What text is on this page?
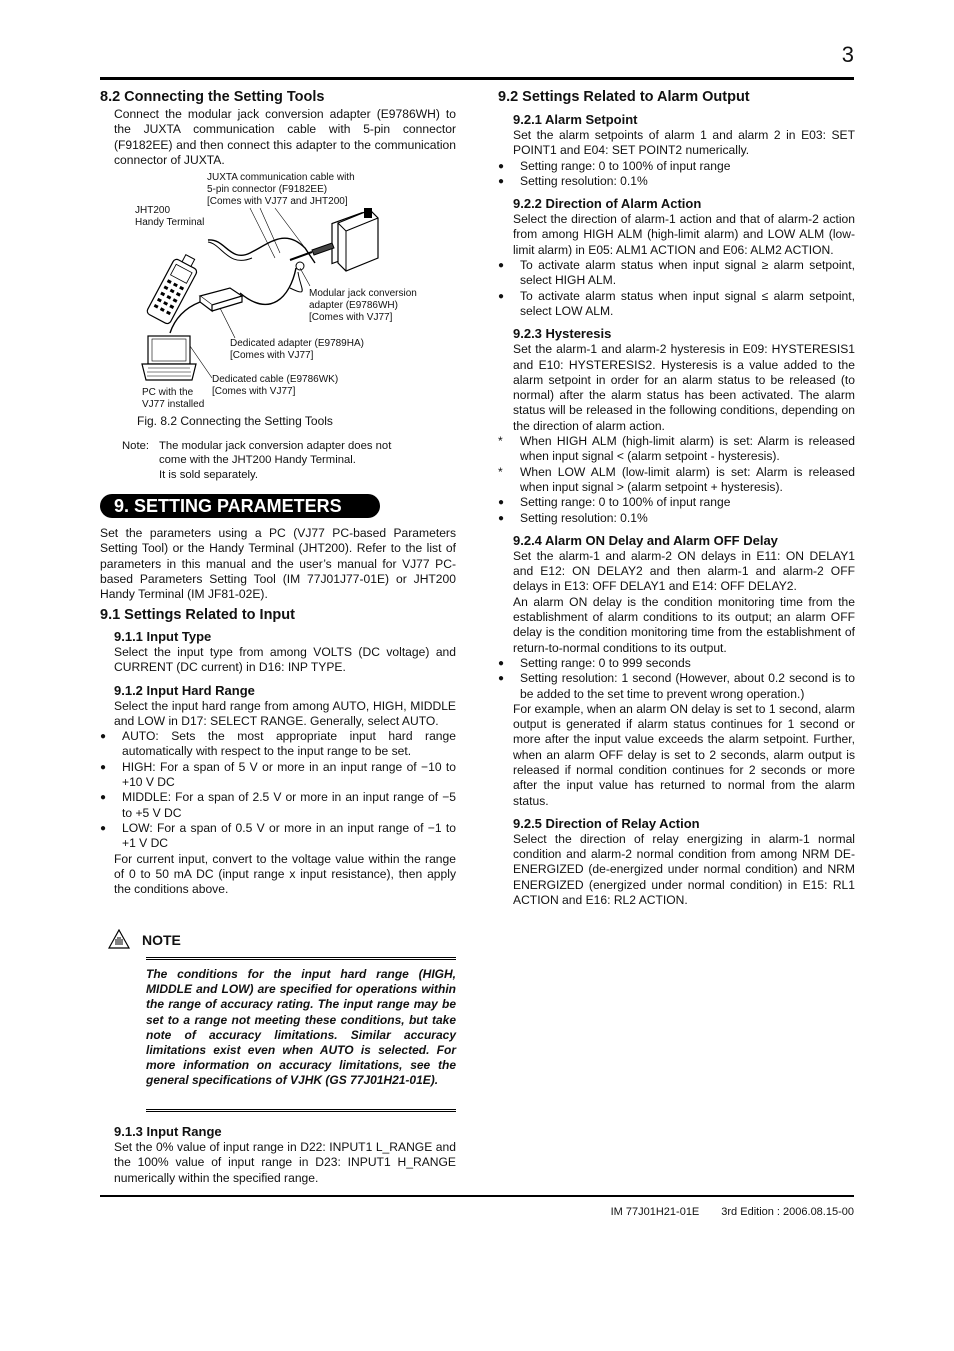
3
8.2 Connecting the Setting Tools

Connect the modular jack conversion adapter (E9786WH) to the JUXTA communication cable with 5-pin connector (F9182EE) and then connect this adapter to the communication connector of JUXTA.

JUXTA communication cable with
5-pin connector (F9182EE)
[Comes with VJ77 and JHT200]
JHT200
Handy Terminal
Modular jack conversion
adapter (E9786WH)
[Comes with VJ77]
Dedicated adapter (E9789HA)
[Comes with VJ77]
Dedicated cable (E9786WK)
[Comes with VJ77]
PC with the
VJ77 installed
Fig. 8.2 Connecting the Setting Tools
Note: The modular jack conversion adapter does not
come with the JHT200 Handy Terminal.
It is sold separately.
9. SETTING PARAMETERS

Set the parameters using a PC (VJ77 PC-based Parameters Setting Tool) or the Handy Terminal (JHT200). Refer to the list of parameters in this manual and the user’s manual for VJ77 PC-based Parameters Setting Tool (IM 77J01J77-01E) or JHT200 Handy Terminal (IM JF81-02E).

9.1 Settings Related to Input
9.1.1 Input Type

Select the input type from among VOLTS (DC voltage) and CURRENT (DC current) in D16: INP TYPE.

9.1.2 Input Hard Range

Select the input hard range from among AUTO, HIGH, MIDDLE and LOW in D17: SELECT RANGE. Generally, select AUTO.

● AUTO: Sets the most appropriate input hard range automatically with respect to the input range to be set.
● HIGH: For a span of 5 V or more in an input range of −10 to +10 V DC
● MIDDLE: For a span of 2.5 V or more in an input range of −5 to +5 V DC
● LOW: For a span of 0.5 V or more in an input range of −1 to +1 V DC

For current input, convert to the voltage value within the range of 0 to 50 mA DC (input range x input resistance), then apply the conditions above.

NOTE
The conditions for the input hard range (HIGH, MIDDLE and LOW) are specified for operations within the range of accuracy rating. The input range may be set to a range not meeting these conditions, but take note of accuracy limitations. Similar accuracy limitations exist even when AUTO is selected. For more information on accuracy limitations, see the general specifications of VJHK (GS 77J01H21-01E).
9.1.3 Input Range

Set the 0% value of input range in D22: INPUT1 L_RANGE and the 100% value of input range in D23: INPUT1 H_RANGE numerically within the specified range.

9.2 Settings Related to Alarm Output
9.2.1 Alarm Setpoint

Set the alarm setpoints of alarm 1 and alarm 2 in E03: SET POINT1 and E04: SET POINT2 numerically.

● Setting range: 0 to 100% of input range
● Setting resolution: 0.1%
9.2.2 Direction of Alarm Action

Select the direction of alarm-1 action and that of alarm-2 action from among HIGH ALM (high-limit alarm) and LOW ALM (low-limit alarm) in E05: ALM1 ACTION and E06: ALM2 ACTION.

● To activate alarm status when input signal ≥ alarm setpoint, select HIGH ALM.
● To activate alarm status when input signal ≤ alarm setpoint, select LOW ALM.
9.2.3 Hysteresis

Set the alarm-1 and alarm-2 hysteresis in E09: HYSTERESIS1 and E10: HYSTERESIS2. Hysteresis is a value added to the alarm setpoint in order for an alarm status to be released (to normal) after the alarm status has been activated. The alarm status will be released in the following conditions, depending on the direction of alarm action.

* When HIGH ALM (high-limit alarm) is set: Alarm is released when input signal < (alarm setpoint - hysteresis).
* When LOW ALM (low-limit alarm) is set: Alarm is released when input signal > (alarm setpoint + hysteresis).
● Setting range: 0 to 100% of input range
● Setting resolution: 0.1%
9.2.4 Alarm ON Delay and Alarm OFF Delay

Set the alarm-1 and alarm-2 ON delays in E11: ON DELAY1 and E12: ON DELAY2 and then alarm-1 and alarm-2 OFF delays in E13: OFF DELAY1 and E14: OFF DELAY2.

An alarm ON delay is the condition monitoring time from the establishment of alarm conditions to its output; an alarm OFF delay is the condition monitoring time from the establishment of return-to-normal conditions to its output.

● Setting range: 0 to 999 seconds
● Setting resolution: 1 second (However, about 0.2 second is to be added to the set time to prevent wrong operation.)

For example, when an alarm ON delay is set to 1 second, alarm output is generated if alarm status continues for 1 second or more after the input value exceeds the alarm setpoint. Further, when an alarm OFF delay is set to 2 seconds, alarm output is released if normal condition continues for 2 seconds or more after the input value has returned to normal from the alarm status.

9.2.5 Direction of Relay Action

Select the direction of relay energizing in alarm-1 normal condition and alarm-2 normal condition from among NRM DE-ENERGIZED (de-energized under normal condition) and NRM ENERGIZED (energized under normal condition) in E15: RL1 ACTION and E16: RL2 ACTION.

IM 77J01H21-01E 3rd Edition : 2006.08.15-00
